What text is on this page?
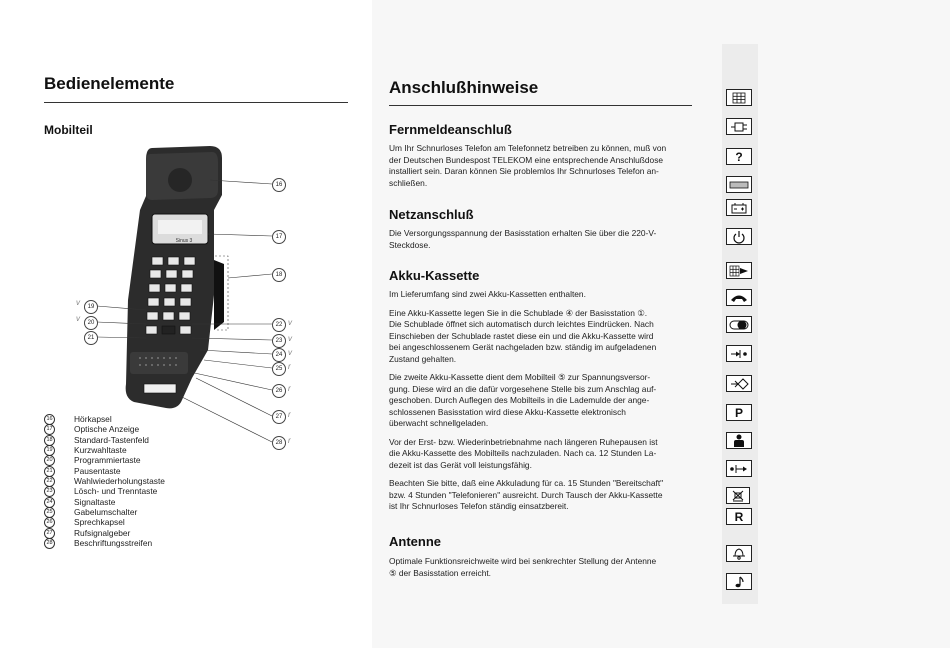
Bedienelemente
Mobilteil
Sinus 3
16
17
18
19
20
21
22
23
24
25
26
27
28
v
v
v
r
r
r
r
v
v
16	Hörkapsel
17	Optische Anzeige
18	Standard-Tastenfeld
19	Kurzwahltaste
20	Programmiertaste
21	Pausentaste
22	Wahlwiederholungstaste
23	Lösch- und Trenntaste
24	Signaltaste
25	Gabelumschalter
26	Sprechkapsel
27	Rufsignalgeber
28	Beschriftungsstreifen
Anschlußhinweise
Fernmeldeanschluß

Um Ihr Schnurloses Telefon am Telefonnetz betreiben zu können, muß von

der Deutschen Bundespost TELEKOM eine entsprechende Anschlußdose

installiert sein. Daran können Sie problemlos Ihr Schnurloses Telefon an-

schließen.

Netzanschluß

Die Versorgungsspannung der Basisstation erhalten Sie über die 220-V-

Steckdose.

Akku-Kassette

Im Lieferumfang sind zwei Akku-Kassetten enthalten.

Eine Akku-Kassette legen Sie in die Schublade ④ der Basisstation ①.

Die Schublade öffnet sich automatisch durch leichtes Eindrücken. Nach

Einschieben der Schublade rastet diese ein und die Akku-Kassette wird

bei angeschlossenem Gerät nachgeladen bzw. ständig im aufgeladenen

Zustand gehalten.

Die zweite Akku-Kassette dient dem Mobilteil ⑤ zur Spannungsversor-

gung. Diese wird an die dafür vorgesehene Stelle bis zum Anschlag auf-

geschoben. Durch Auflegen des Mobilteils in die Lademulde der ange-

schlossenen Basisstation wird diese Akku-Kassette elektronisch

überwacht schnellgeladen.

Vor der Erst- bzw. Wiederinbetriebnahme nach längeren Ruhepausen ist

die Akku-Kassette des Mobilteils nachzuladen. Nach ca. 12 Stunden La-

dezeit ist das Gerät voll leistungsfähig.

Beachten Sie bitte, daß eine Akkuladung für ca. 15 Stunden "Bereitschaft"

bzw. 4 Stunden "Telefonieren" ausreicht. Durch Tausch der Akku-Kassette

ist Ihr Schnurloses Telefon ständig einsatzbereit.

Antenne

Optimale Funktionsreichweite wird bei senkrechter Stellung der Antenne

⑤ der Basisstation erreicht.

?
P
R
